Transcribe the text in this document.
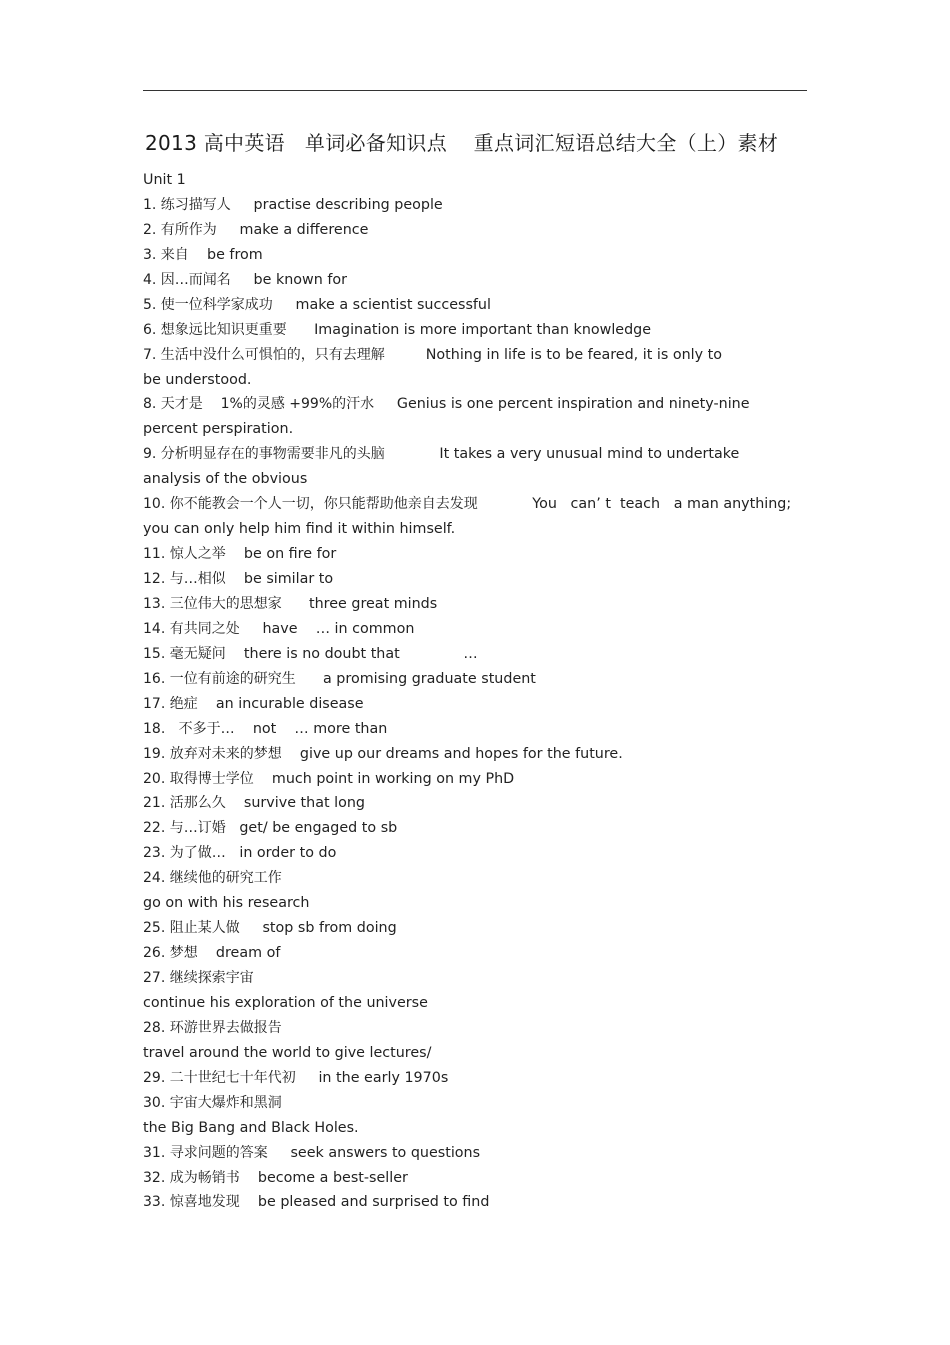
2013 高中英语   单词必备知识点    重点词汇短语总结大全（上）素材
Unit 1
1. 练习描写人 practise describing people
2. 有所作为 make a difference
3. 来自 be from
4. 因…而闻名 be known for
5. 使一位科学家成功 make a scientist successful
6. 想象远比知识更重要 Imagination is more important than knowledge
7. 生活中没什么可惧怕的，只有去理解	Nothing in life is to be feared, it is only to
be understood.
8. 天才是    1%的灵感 +99%的汗水 Genius is one percent inspiration and ninety-nine
percent perspiration.
9. 分析明显存在的事物需要非凡的头脑	It takes a very unusual mind to undertake
analysis of the obvious
10. 你不能教会一个人一切，你只能帮助他亲自去发现	You   can’ t  teach   a man anything;
you can only help him find it within himself.
11. 惊人之举 be on fire for
12. 与…相似 be similar to
13. 三位伟大的思想家 three great minds
14. 有共同之处 have    … in common
15. 毫无疑问 there is no doubt that              …
16. 一位有前途的研究生 a promising graduate student
17. 绝症 an incurable disease
18.   不多于… not    … more than
19. 放弃对未来的梦想 give up our dreams and hopes for the future.
20. 取得博士学位 much point in working on my PhD
21. 活那么久 survive that long
22. 与…订婚 get/ be engaged to sb
23. 为了做… in order to do
24. 继续他的研究工作
go on with his research
25. 阻止某人做 stop sb from doing
26. 梦想 dream of
27. 继续探索宇宙
continue his exploration of the universe
28. 环游世界去做报告
travel around the world to give lectures/
29. 二十世纪七十年代初 in the early 1970s
30. 宇宙大爆炸和黑洞
the Big Bang and Black Holes.
31. 寻求问题的答案 seek answers to questions
32. 成为畅销书 become a best-seller
33. 惊喜地发现 be pleased and surprised to find
